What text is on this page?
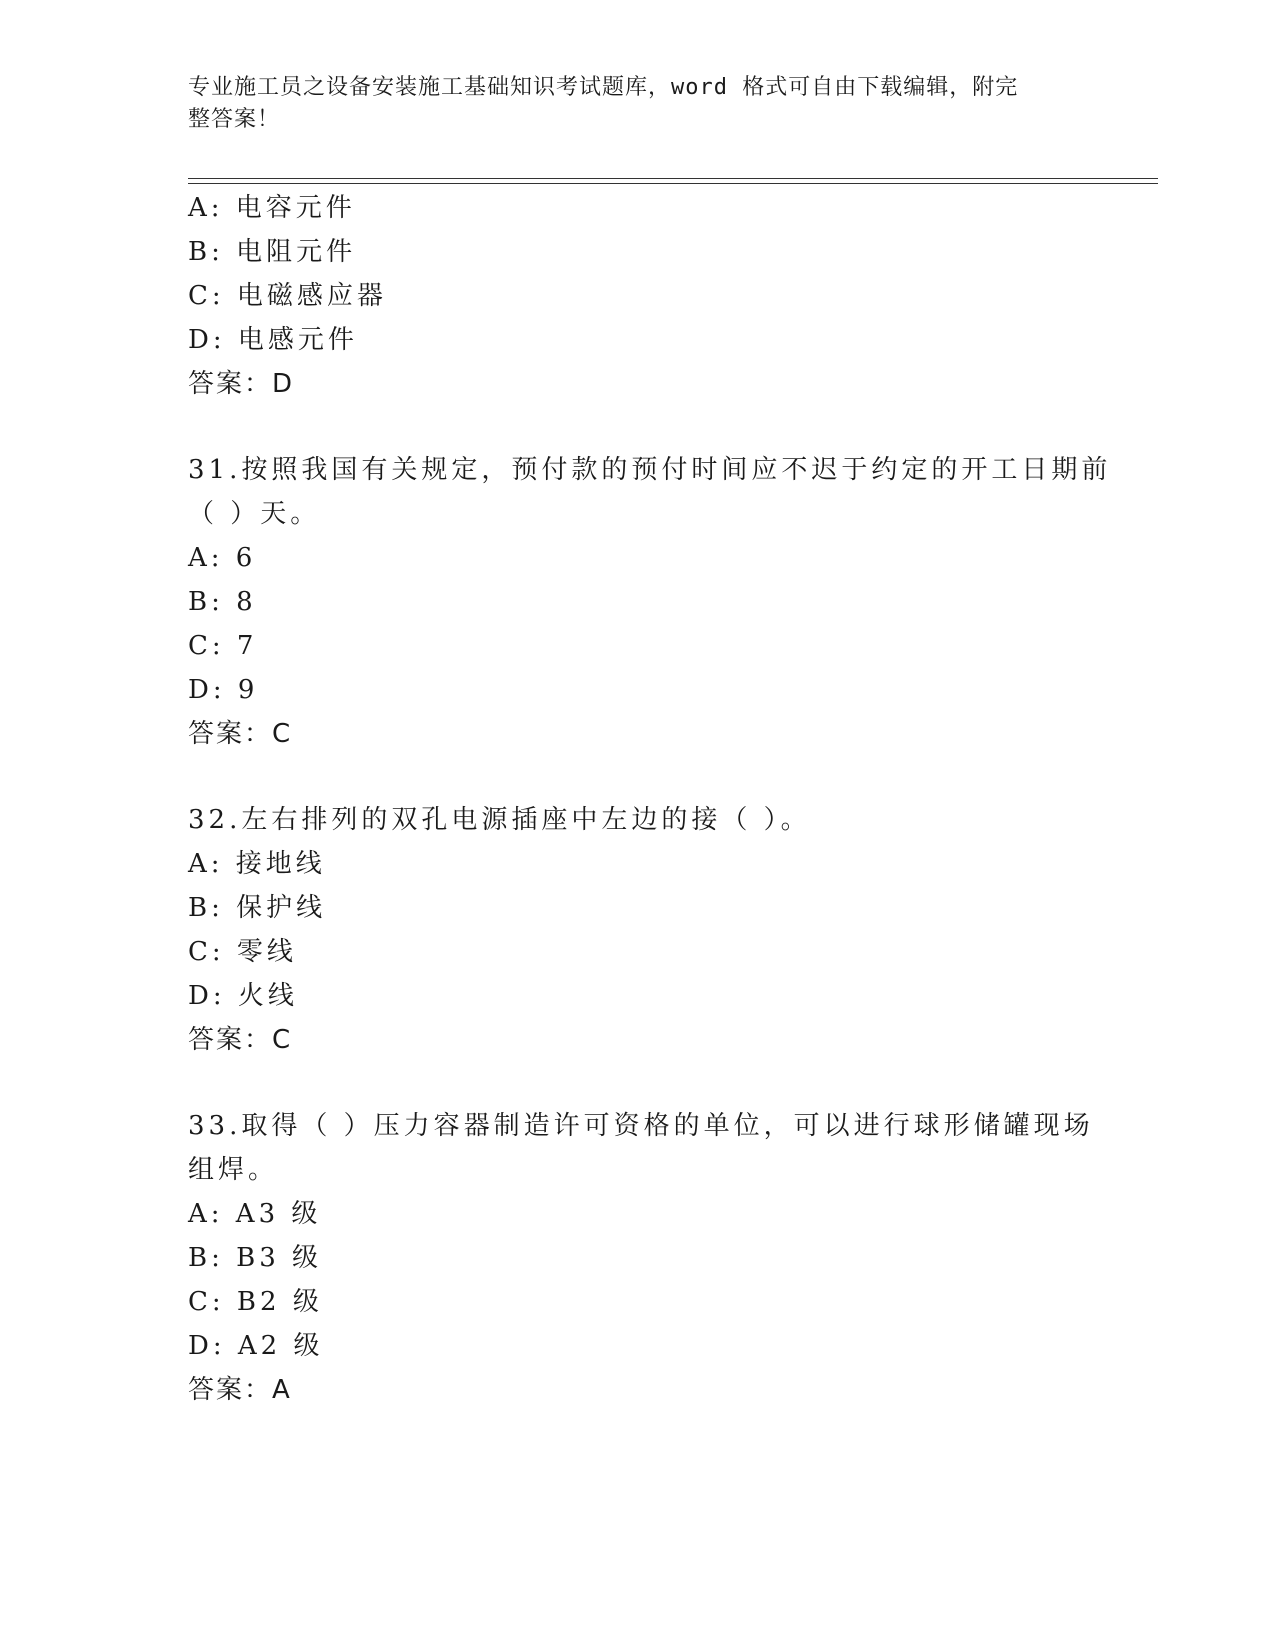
专业施工员之设备安装施工基础知识考试题库，word 格式可自由下载编辑，附完
整答案！
A: 电容元件
B: 电阻元件
C: 电磁感应器
D: 电感元件
答案：D
31.按照我国有关规定，预付款的预付时间应不迟于约定的开工日期前
（ ）天。
A: 6
B: 8
C: 7
D: 9
答案：C
32.左右排列的双孔电源插座中左边的接（ ）。
A: 接地线
B: 保护线
C: 零线
D: 火线
答案：C
33.取得（ ）压力容器制造许可资格的单位，可以进行球形储罐现场
组焊。
A: A3 级
B: B3 级
C: B2 级
D: A2 级
答案：A
